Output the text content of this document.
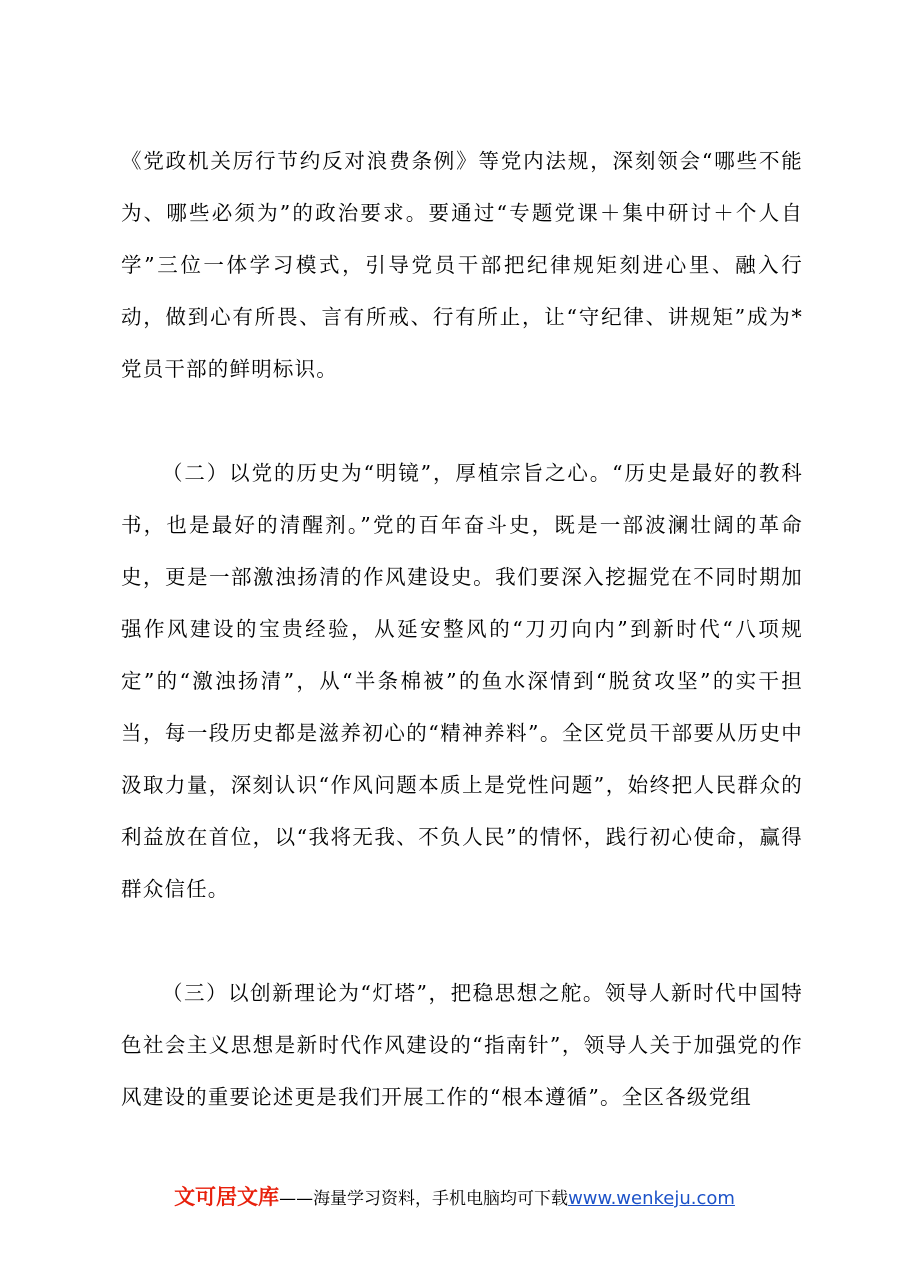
《党政机关厉行节约反对浪费条例》等党内法规，深刻领会“哪些不能为、哪些必须为”的政治要求。要通过“专题党课＋集中研讨＋个人自学”三位一体学习模式，引导党员干部把纪律规矩刻进心里、融入行动，做到心有所畏、言有所戒、行有所止，让“守纪律、讲规矩”成为*党员干部的鲜明标识。

（二）以党的历史为“明镜”，厚植宗旨之心。“历史是最好的教科书，也是最好的清醒剂。”党的百年奋斗史，既是一部波澜壮阔的革命史，更是一部激浊扬清的作风建设史。我们要深入挖掘党在不同时期加强作风建设的宝贵经验，从延安整风的“刀刃向内”到新时代“八项规定”的“激浊扬清”，从“半条棉被”的鱼水深情到“脱贫攻坚”的实干担当，每一段历史都是滋养初心的“精神养料”。全区党员干部要从历史中汲取力量，深刻认识“作风问题本质上是党性问题”，始终把人民群众的利益放在首位，以“我将无我、不负人民”的情怀，践行初心使命，赢得群众信任。

（三）以创新理论为“灯塔”，把稳思想之舵。领导人新时代中国特色社会主义思想是新时代作风建设的“指南针”，领导人关于加强党的作风建设的重要论述更是我们开展工作的“根本遵循”。全区各级党组

文可居文库——海量学习资料，手机电脑均可下载www.wenkeju.com
